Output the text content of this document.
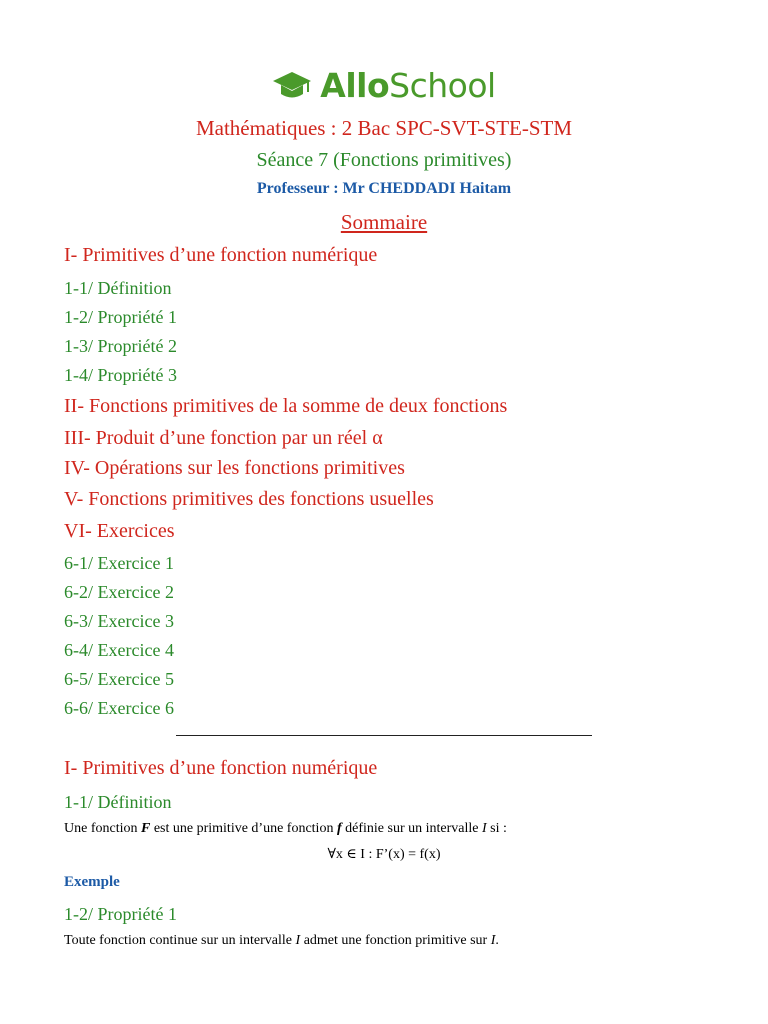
AlloSchool
Mathématiques : 2 Bac SPC-SVT-STE-STM
Séance 7 (Fonctions primitives)
Professeur : Mr CHEDDADI Haitam
Sommaire
I- Primitives d’une fonction numérique
1-1/ Définition
1-2/ Propriété 1
1-3/ Propriété 2
1-4/ Propriété 3
II- Fonctions primitives de la somme de deux fonctions
III- Produit d’une fonction par un réel α
IV- Opérations sur les fonctions primitives
V- Fonctions primitives des fonctions usuelles
VI- Exercices
6-1/ Exercice 1
6-2/ Exercice 2
6-3/ Exercice 3
6-4/ Exercice 4
6-5/ Exercice 5
6-6/ Exercice 6
I- Primitives d’une fonction numérique
1-1/ Définition
Une fonction F est une primitive d’une fonction f définie sur un intervalle I si :
∀x ∈ I : F’(x) = f(x)
Exemple
1-2/ Propriété 1
Toute fonction continue sur un intervalle I admet une fonction primitive sur I.
